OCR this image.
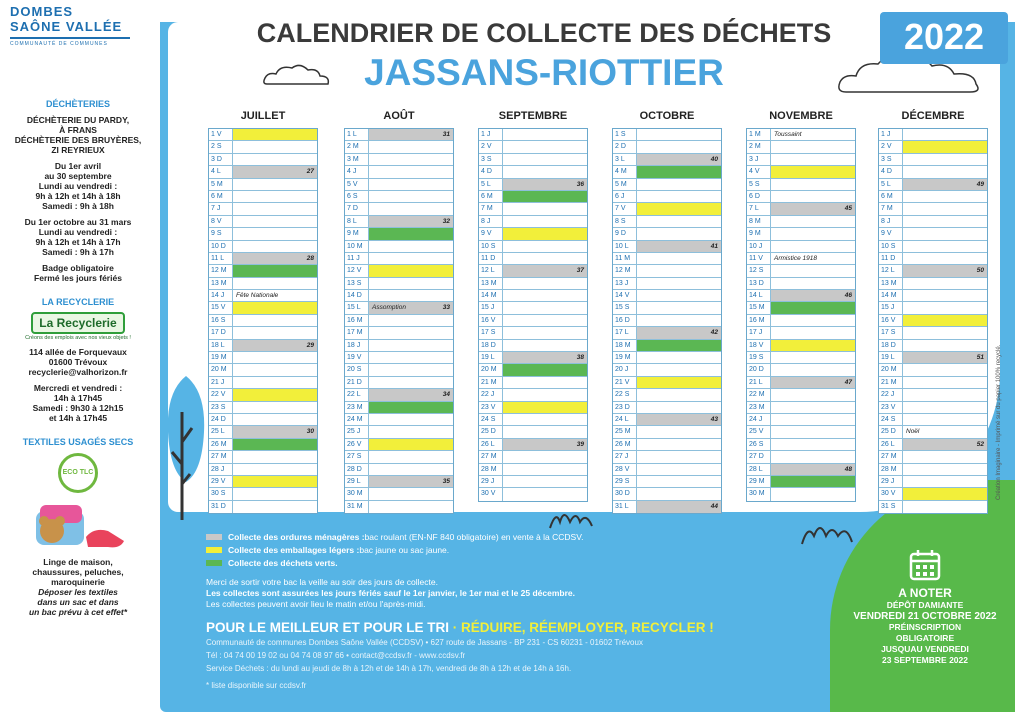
DOMBES
SAÔNE VALLÉE
COMMUNAUTÉ DE COMMUNES
DÉCHÈTERIES
DÉCHÈTERIE DU PARDY,
À FRANS
DÉCHÈTERIE DES BRUYÈRES,
ZI REYRIEUX
Du 1er avril
au 30 septembre
Lundi au vendredi :
9h à 12h et 14h à 18h
Samedi : 9h à 18h
Du 1er octobre au 31 mars
Lundi au vendredi :
9h à 12h et 14h à 17h
Samedi : 9h à 17h
Badge obligatoire
Fermé les jours fériés
LA RECYCLERIE
La Recyclerie
Créons des emplois avec nos vieux objets !
114 allée de Forquevaux
01600 Trévoux
recyclerie@valhorizon.fr
Mercredi et vendredi :
14h à 17h45
Samedi : 9h30 à 12h15
et 14h à 17h45
TEXTILES USAGÉS SECS
ECO TLC
Linge de maison,
chaussures, peluches,
maroquinerie
Déposer les textiles
dans un sac et dans
un bac prévu à cet effet*
CALENDRIER DE COLLECTE DES DÉCHETS
JASSANS-RIOTTIER
2022
JUILLET
1 V
2 S
3 D
4 L	27
5 M
6 M
7 J
8 V
9 S
10 D
11 L	28
12 M
13 M
14 J	Fête Nationale
15 V
16 S
17 D
18 L	29
19 M
20 M
21 J
22 V
23 S
24 D
25 L	30
26 M
27 M
28 J
29 V
30 S
31 D
AOÛT
1 L	31
2 M
3 M
4 J
5 V
6 S
7 D
8 L	32
9 M
10 M
11 J
12 V
13 S
14 D
15 L	Assomption	33
16 M
17 M
18 J
19 V
20 S
21 D
22 L	34
23 M
24 M
25 J
26 V
27 S
28 D
29 L	35
30 M
31 M
SEPTEMBRE
1 J
2 V
3 S
4 D
5 L	36
6 M
7 M
8 J
9 V
10 S
11 D
12 L	37
13 M
14 M
15 J
16 V
17 S
18 D
19 L	38
20 M
21 M
22 J
23 V
24 S
25 D
26 L	39
27 M
28 M
29 J
30 V
OCTOBRE
1 S
2 D
3 L	40
4 M
5 M
6 J
7 V
8 S
9 D
10 L	41
11 M
12 M
13 J
14 V
15 S
16 D
17 L	42
18 M
19 M
20 J
21 V
22 S
23 D
24 L	43
25 M
26 M
27 J
28 V
29 S
30 D
31 L	44
NOVEMBRE
1 M	Toussaint
2 M
3 J
4 V
5 S
6 D
7 L	45
8 M
9 M
10 J
11 V	Armistice 1918
12 S
13 D
14 L	46
15 M
16 M
17 J
18 V
19 S
20 D
21 L	47
22 M
23 M
24 J
25 V
26 S
27 D
28 L	48
29 M
30 M
DÉCEMBRE
1 J
2 V
3 S
4 D
5 L	49
6 M
7 M
8 J
9 V
10 S
11 D
12 L	50
13 M
14 M
15 J
16 V
17 S
18 D
19 L	51
20 M
21 M
22 J
23 V
24 S
25 D	Noël
26 L	52
27 M
28 M
29 J
30 V
31 S
Collecte des ordures ménagères : bac roulant (EN-NF 840 obligatoire) en vente à la CCDSV.
Collecte des emballages légers : bac jaune ou sac jaune.
Collecte des déchets verts.
Merci de sortir votre bac la veille au soir des jours de collecte.
Les collectes sont assurées les jours fériés sauf le 1er janvier, le 1er mai et le 25 décembre.
Les collectes peuvent avoir lieu le matin et/ou l'après-midi.
POUR LE MEILLEUR ET POUR LE TRI · RÉDUIRE, RÉEMPLOYER, RECYCLER !
Communauté de communes Dombes Saône Vallée (CCDSV) • 627 route de Jassans - BP 231 - CS 60231 - 01602 Trévoux
Tél : 04 74 00 19 02 ou 04 74 08 97 66 • contact@ccdsv.fr - www.ccdsv.fr
Service Déchets : du lundi au jeudi de 8h à 12h et de 14h à 17h, vendredi de 8h à 12h et de 14h à 16h.
* liste disponible sur ccdsv.fr
A NOTER
DÉPÔT DAMIANTE
VENDREDI 21 OCTOBRE 2022
PRÉINSCRIPTION
OBLIGATOIRE
JUSQUAU VENDREDI
23 SEPTEMBRE 2022
Création Imaginaire - Imprimé sur du papier 100% recyclé.
